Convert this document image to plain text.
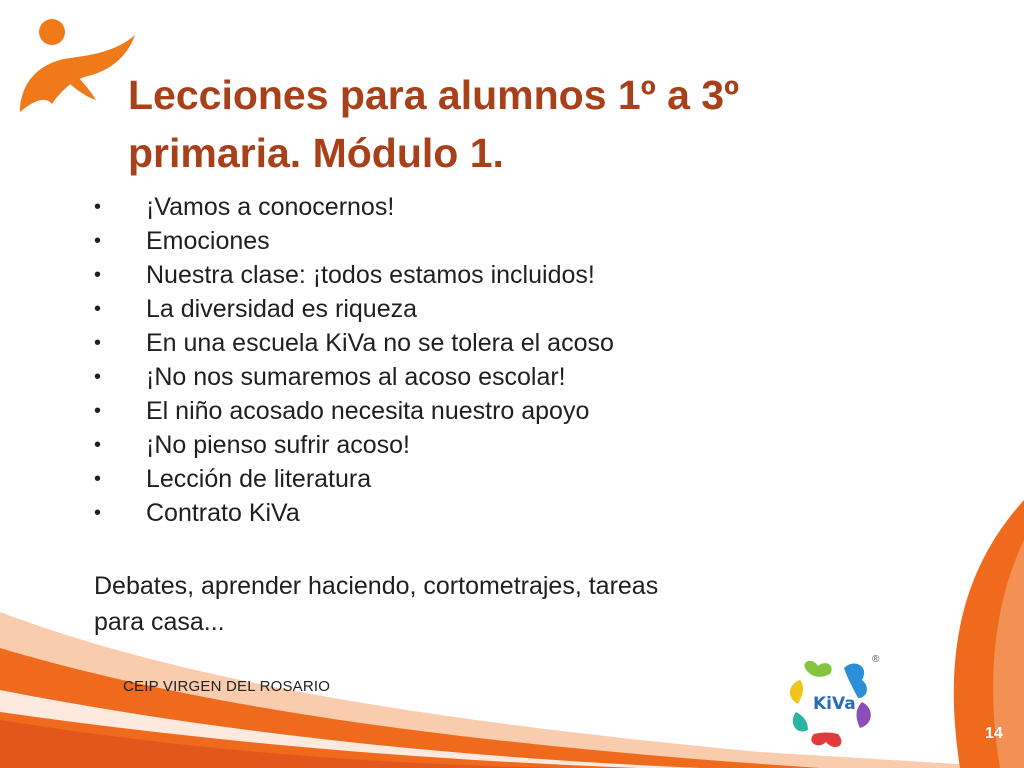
Lecciones para alumnos 1º a 3º
primaria. Módulo 1.
•	¡Vamos a conocernos!
•	Emociones
•	Nuestra clase: ¡todos estamos incluidos!
•	La diversidad es riqueza
•	En una escuela KiVa no se tolera el acoso
•	¡No nos sumaremos al acoso escolar!
•	El niño acosado necesita nuestro apoyo
•	¡No pienso sufrir acoso!
•	Lección de literatura
•	Contrato KiVa
Debates, aprender haciendo, cortometrajes, tareas
para casa...
CEIP VIRGEN DEL ROSARIO
KiVa
®
14
